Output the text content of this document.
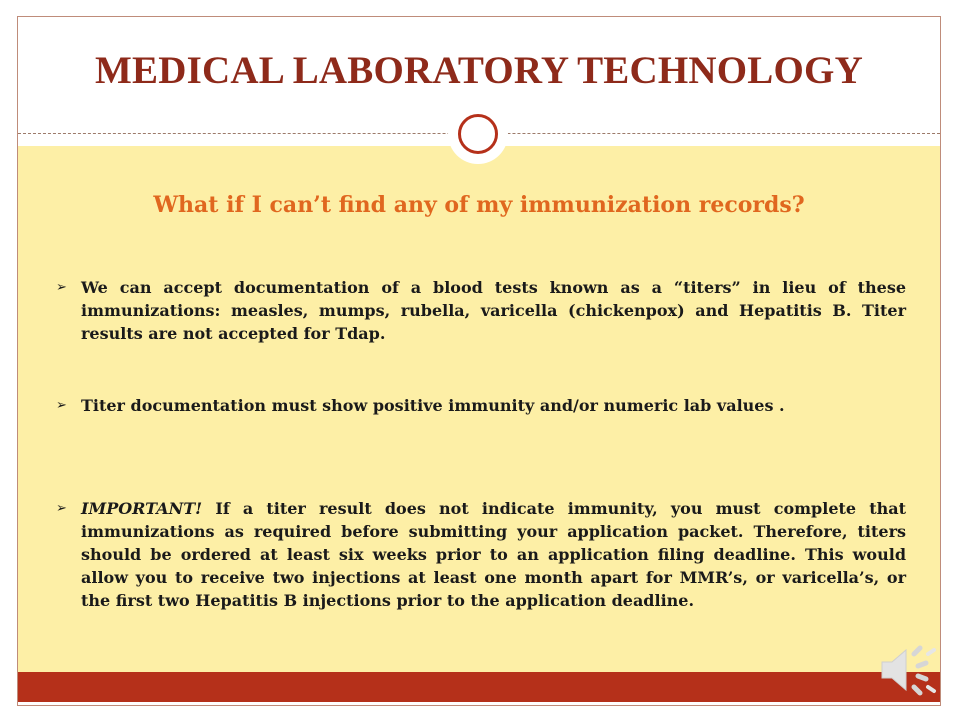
MEDICAL LABORATORY TECHNOLOGY
What if I can’t find any of my immunization records?
➢ We can accept documentation of a blood tests known as a “titers” in lieu of these immunizations: measles, mumps, rubella, varicella (chickenpox) and Hepatitis B. Titer results are not accepted for Tdap.
➢ Titer documentation must show positive immunity and/or numeric lab values .
➢ IMPORTANT! If a titer result does not indicate immunity, you must complete that immunizations as required before submitting your application packet. Therefore, titers should be ordered at least six weeks prior to an application filing deadline. This would allow you to receive two injections at least one month apart for MMR’s, or varicella’s, or the first two Hepatitis B injections prior to the application deadline.
